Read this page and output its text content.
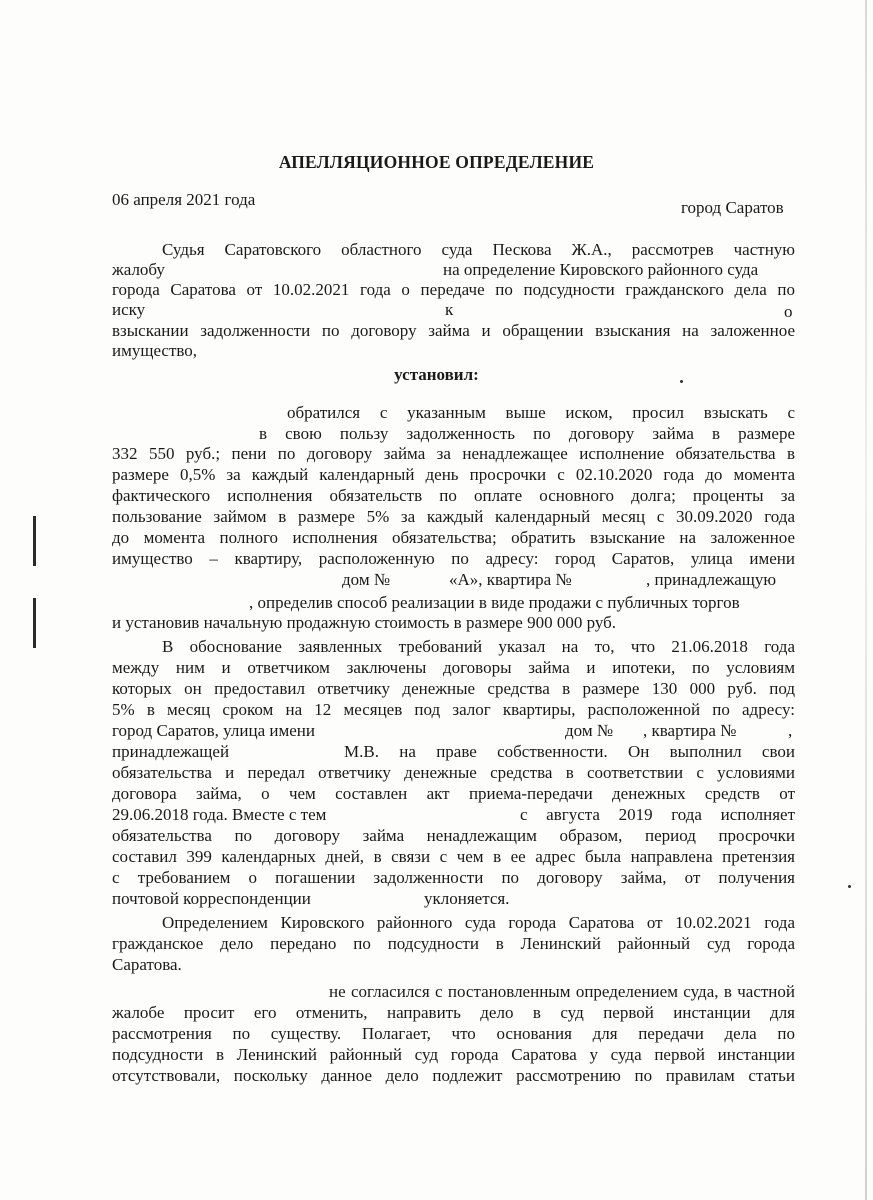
АПЕЛЛЯЦИОННОЕ ОПРЕДЕЛЕНИЕ
06 апреля 2021 года	город Саратов
Судья Саратовского областного суда Пескова Ж.А., рассмотрев частную
жалобу	на определение Кировского районного суда
города Саратова от 10.02.2021 года о передаче по подсудности гражданского дела по
иску	к	о
взыскании задолженности по договору займа и обращении взыскания на заложенное
имущество,
установил:
обратился с указанным выше иском, просил взыскать с
в свою пользу задолженность по договору займа в размере
332 550 руб.; пени по договору займа за ненадлежащее исполнение обязательства в
размере 0,5% за каждый календарный день просрочки с 02.10.2020 года до момента
фактического исполнения обязательств по оплате основного долга; проценты за
пользование займом в размере 5% за каждый календарный месяц с 30.09.2020 года
до момента полного исполнения обязательства; обратить взыскание на заложенное
имущество – квартиру, расположенную по адресу: город Саратов, улица имени
дом №	«А», квартира №	, принадлежащую
, определив способ реализации в виде продажи с публичных торгов
и установив начальную продажную стоимость в размере 900 000 руб.
В обоснование заявленных требований указал на то, что 21.06.2018 года
между ним и ответчиком заключены договоры займа и ипотеки, по условиям
которых он предоставил ответчику денежные средства в размере 130 000 руб. под
5% в месяц сроком на 12 месяцев под залог квартиры, расположенной по адресу:
город Саратов, улица имени	дом № , квартира №	,
принадлежащей	М.В. на праве собственности. Он выполнил свои
обязательства и передал ответчику денежные средства в соответствии с условиями
договора займа, о чем составлен акт приема-передачи денежных средств от
29.06.2018 года. Вместе с тем	с августа 2019 года исполняет
обязательства по договору займа ненадлежащим образом, период просрочки
составил 399 календарных дней, в связи с чем в ее адрес была направлена претензия
с требованием о погашении задолженности по договору займа, от получения
почтовой корреспонденции	уклоняется.
Определением Кировского районного суда города Саратова от 10.02.2021 года
гражданское дело передано по подсудности в Ленинский районный суд города
Саратова.
не согласился с постановленным определением суда, в частной
жалобе просит его отменить, направить дело в суд первой инстанции для
рассмотрения по существу. Полагает, что основания для передачи дела по
подсудности в Ленинский районный суд города Саратова у суда первой инстанции
отсутствовали, поскольку данное дело подлежит рассмотрению по правилам статьи
